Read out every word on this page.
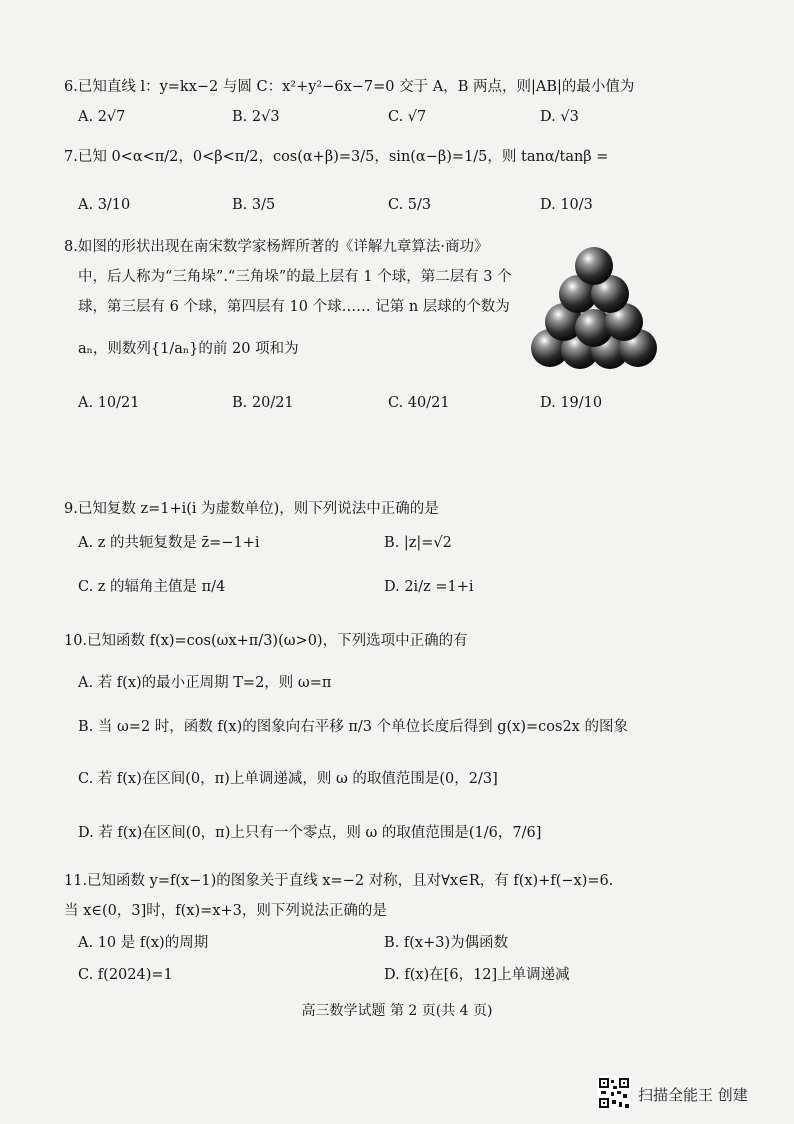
6.已知直线 l：y=kx−2 与圆 C：x²+y²−6x−7=0 交于 A，B 两点，则|AB|的最小值为
A. 2√7	B. 2√3	C. √7	D. √3
7.已知 0<α<π/2，0<β<π/2，cos(α+β)=3/5，sin(α−β)=1/5，则 tanα/tanβ =
A. 3/10	B. 3/5	C. 5/3	D. 10/3
8.如图的形状出现在南宋数学家杨辉所著的《详解九章算法·商功》
中，后人称为“三角垛”.“三角垛”的最上层有 1 个球，第二层有 3 个
球，第三层有 6 个球，第四层有 10 个球…… 记第 n 层球的个数为
aₙ，则数列{1/aₙ}的前 20 项和为
A. 10/21	B. 20/21	C. 40/21	D. 19/10
9.已知复数 z=1+i(i 为虚数单位)，则下列说法中正确的是
A. z 的共轭复数是 z̄=−1+i	B. |z|=√2
C. z 的辐角主值是 π/4	D. 2i/z =1+i
10.已知函数 f(x)=cos(ωx+π/3)(ω>0)，下列选项中正确的有
A. 若 f(x)的最小正周期 T=2，则 ω=π
B. 当 ω=2 时，函数 f(x)的图象向右平移 π/3 个单位长度后得到 g(x)=cos2x 的图象
C. 若 f(x)在区间(0，π)上单调递减，则 ω 的取值范围是(0，2/3]
D. 若 f(x)在区间(0，π)上只有一个零点，则 ω 的取值范围是(1/6，7/6]
11.已知函数 y=f(x−1)的图象关于直线 x=−2 对称，且对∀x∈R，有 f(x)+f(−x)=6.
当 x∈(0，3]时，f(x)=x+3，则下列说法正确的是
A. 10 是 f(x)的周期	B. f(x+3)为偶函数
C. f(2024)=1	D. f(x)在[6，12]上单调递减
高三数学试题 第 2 页(共 4 页)
扫描全能王 创建
